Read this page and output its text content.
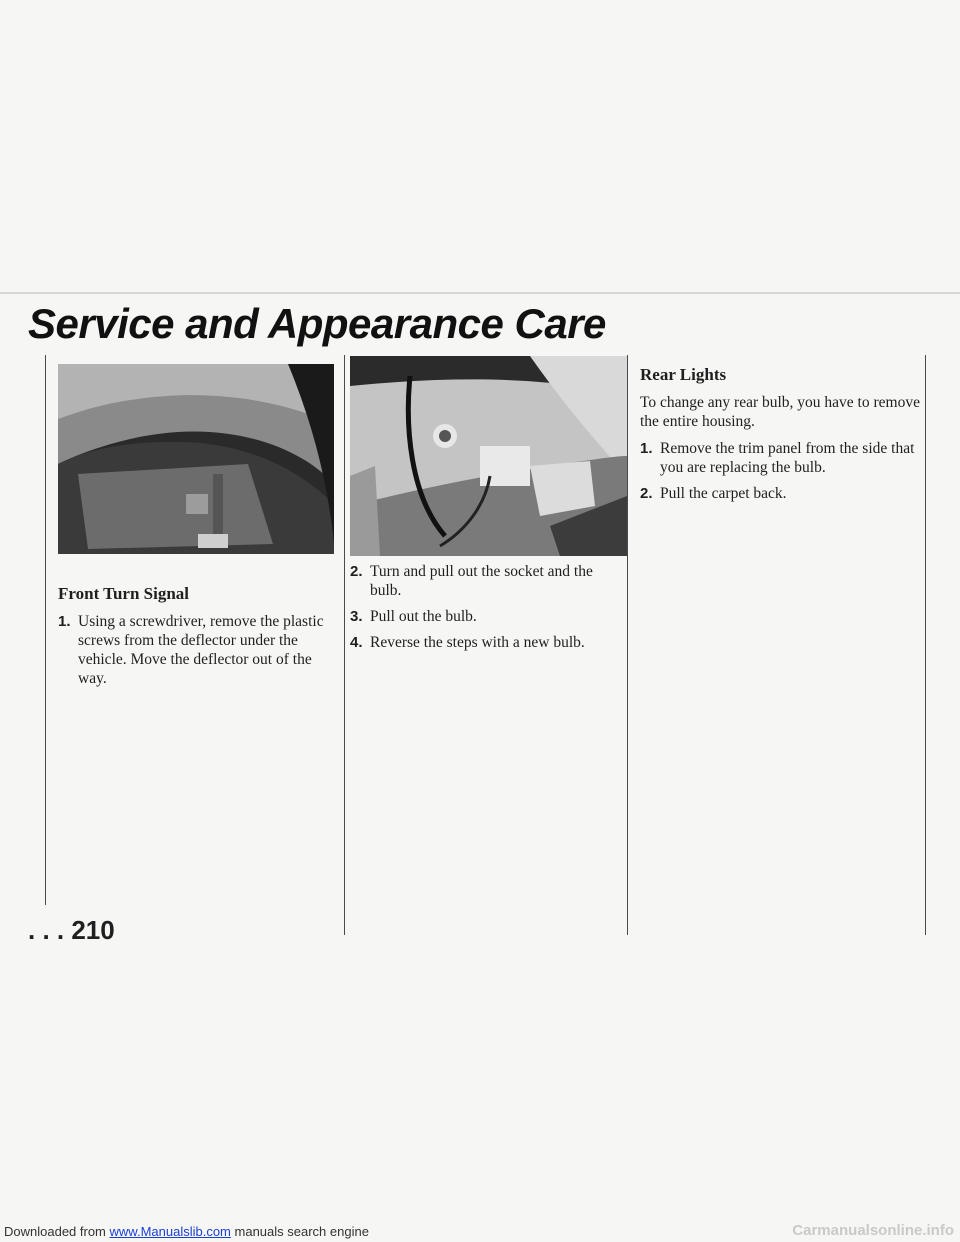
Service and Appearance Care
Front Turn Signal
1. Using a screwdriver, remove the plastic screws from the deflector under the vehicle. Move the deflector out of the way.
2. Turn and pull out the socket and the bulb.
3. Pull out the bulb.
4. Reverse the steps with a new bulb.
Rear Lights
To change any rear bulb, you have to remove the entire housing.
1. Remove the trim panel from the side that you are replacing the bulb.
2. Pull the carpet back.
. . . 210
Downloaded from www.Manualslib.com manuals search engine	Carmanualsonline.info
